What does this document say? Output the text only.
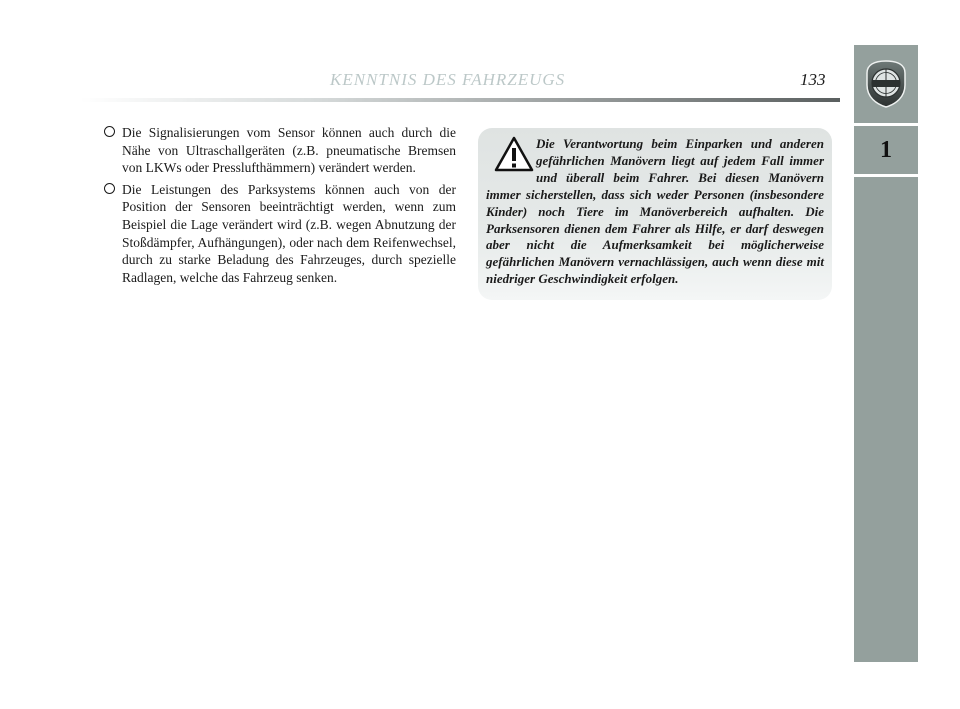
KENNTNIS DES FAHRZEUGS	133
1
Die Signalisierungen vom Sensor können auch durch die Nähe von Ultraschallgeräten (z.B. pneumatische Bremsen von LKWs oder Presslufthämmern) verändert werden.
Die Leistungen des Parksystems können auch von der Position der Sensoren beeinträchtigt werden, wenn zum Beispiel die Lage verändert wird (z.B. wegen Abnutzung der Stoßdämpfer, Aufhängungen), oder nach dem Reifenwechsel, durch zu starke Beladung des Fahrzeuges, durch spezielle Radlagen, welche das Fahrzeug senken.
Die Verantwortung beim Einparken und anderen gefährlichen Manövern liegt auf jedem Fall immer und überall beim Fahrer. Bei diesen Manövern immer sicherstellen, dass sich weder Personen (insbesondere Kinder) noch Tiere im Manöverbereich aufhalten. Die Parksensoren dienen dem Fahrer als Hilfe, er darf deswegen aber nicht die Aufmerksamkeit bei möglicherweise gefährlichen Manövern vernachlässigen, auch wenn diese mit niedriger Geschwindigkeit erfolgen.
